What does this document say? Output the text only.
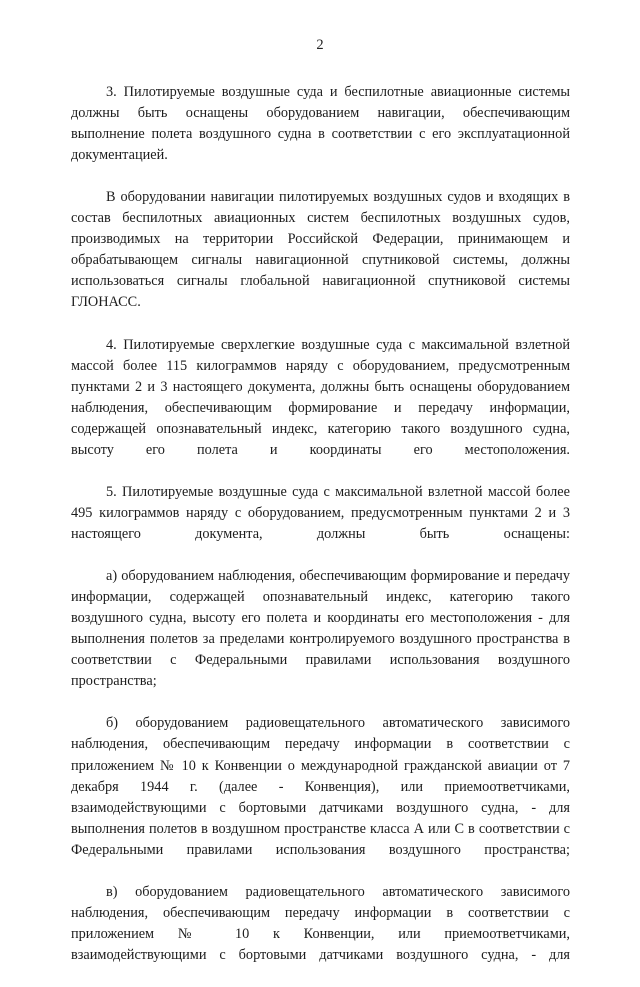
2

3. Пилотируемые воздушные суда и беспилотные авиационные системы должны быть оснащены оборудованием навигации, обеспечивающим выполнение полета воздушного судна в соответствии с его эксплуатационной документацией.

В оборудовании навигации пилотируемых воздушных судов и входящих в состав беспилотных авиационных систем беспилотных воздушных судов, производимых на территории Российской Федерации, принимающем и обрабатывающем сигналы навигационной спутниковой системы, должны использоваться сигналы глобальной навигационной спутниковой системы ГЛОНАСС.

4. Пилотируемые сверхлегкие воздушные суда с максимальной взлетной массой более 115 килограммов наряду с оборудованием, предусмотренным пунктами 2 и 3 настоящего документа, должны быть оснащены оборудованием наблюдения, обеспечивающим формирование и передачу информации, содержащей опознавательный индекс, категорию такого воздушного судна, высоту его полета и координаты его местоположения.

5. Пилотируемые воздушные суда с максимальной взлетной массой более 495 килограммов наряду с оборудованием, предусмотренным пунктами 2 и 3 настоящего документа, должны быть оснащены:

а) оборудованием наблюдения, обеспечивающим формирование и передачу информации, содержащей опознавательный индекс, категорию такого воздушного судна, высоту его полета и координаты его местоположения - для выполнения полетов за пределами контролируемого воздушного пространства в соответствии с Федеральными правилами использования воздушного пространства;

б) оборудованием радиовещательного автоматического зависимого наблюдения, обеспечивающим передачу информации в соответствии с приложением № 10 к Конвенции о международной гражданской авиации от 7 декабря 1944 г. (далее - Конвенция), или приемоответчиками, взаимодействующими с бортовыми датчиками воздушного судна, - для выполнения полетов в воздушном пространстве класса А или С в соответствии с Федеральными правилами использования воздушного пространства;

в) оборудованием радиовещательного автоматического зависимого наблюдения, обеспечивающим передачу информации в соответствии с приложением № 10 к Конвенции, или приемоответчиками, взаимодействующими с бортовыми датчиками воздушного судна, - для
